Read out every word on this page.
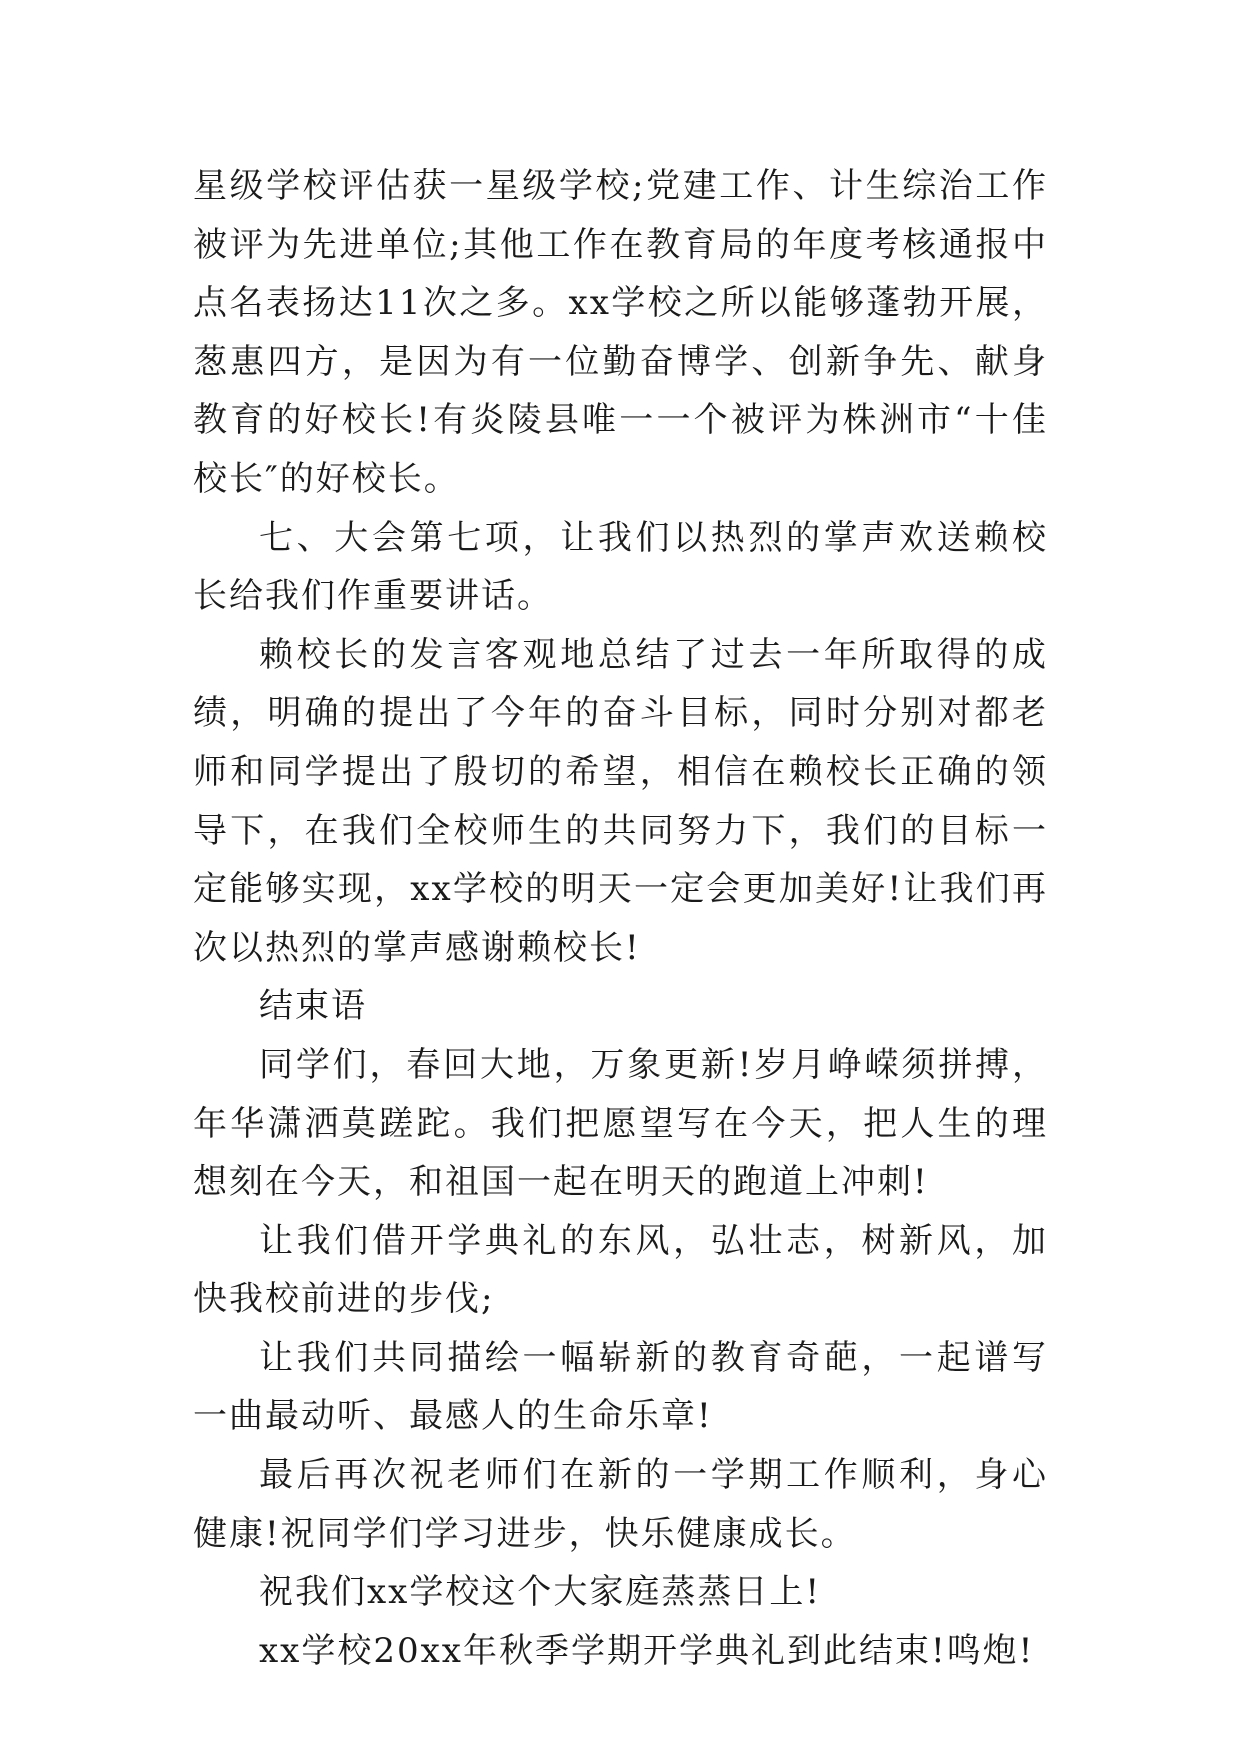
星级学校评估获一星级学校;党建工作、计生综治工作被评为先进单位;其他工作在教育局的年度考核通报中点名表扬达11次之多。xx学校之所以能够蓬勃开展，葱惠四方，是因为有一位勤奋博学、创新争先、献身教育的好校长!有炎陵县唯一一个被评为株洲市“十佳校长″的好校长。

七、大会第七项，让我们以热烈的掌声欢送赖校长给我们作重要讲话。

赖校长的发言客观地总结了过去一年所取得的成绩，明确的提出了今年的奋斗目标，同时分别对都老师和同学提出了殷切的希望，相信在赖校长正确的领导下，在我们全校师生的共同努力下，我们的目标一定能够实现，xx学校的明天一定会更加美好!让我们再次以热烈的掌声感谢赖校长!

结束语

同学们，春回大地，万象更新!岁月峥嵘须拼搏，年华潇洒莫蹉跎。我们把愿望写在今天，把人生的理想刻在今天，和祖国一起在明天的跑道上冲刺!

让我们借开学典礼的东风，弘壮志，树新风，加快我校前进的步伐;

让我们共同描绘一幅崭新的教育奇葩，一起谱写一曲最动听、最感人的生命乐章!

最后再次祝老师们在新的一学期工作顺利，身心健康!祝同学们学习进步，快乐健康成长。

祝我们xx学校这个大家庭蒸蒸日上!

xx学校20xx年秋季学期开学典礼到此结束!鸣炮!
